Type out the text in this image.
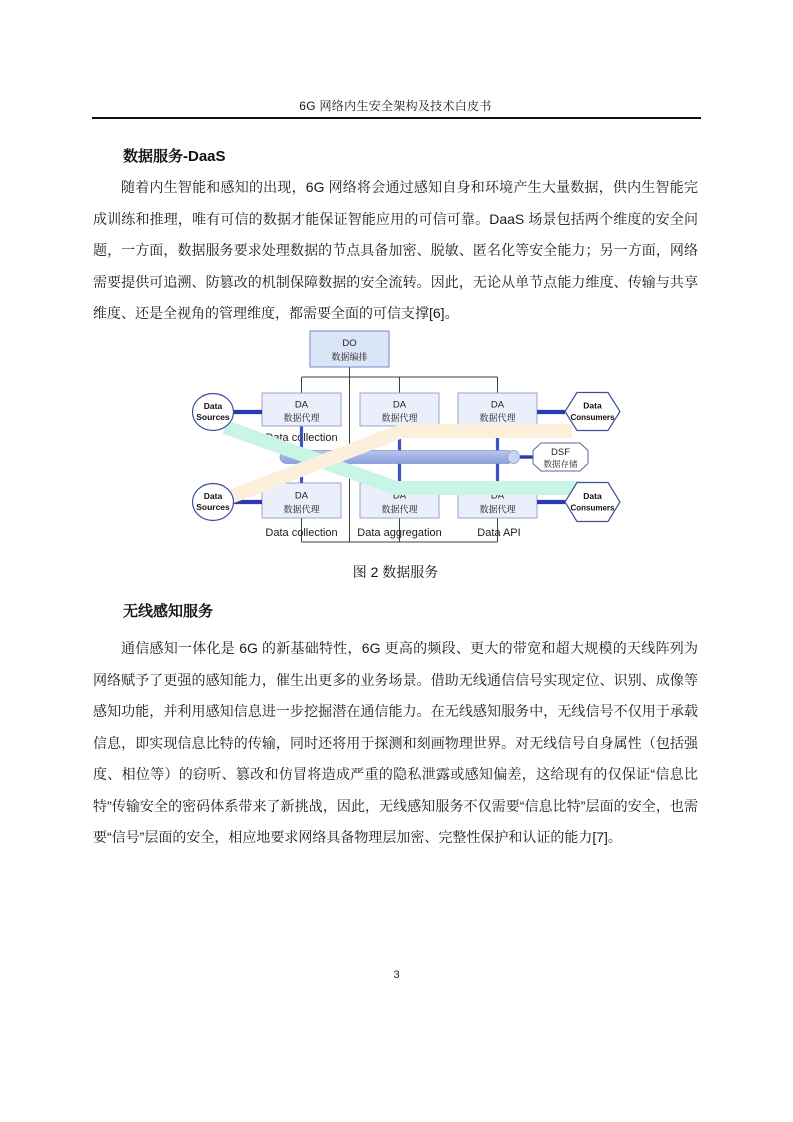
6G 网络内生安全架构及技术白皮书
数据服务-DaaS
随着内生智能和感知的出现，6G 网络将会通过感知自身和环境产生大量数据，供内生智能完成训练和推理，唯有可信的数据才能保证智能应用的可信可靠。DaaS 场景包括两个维度的安全问题，一方面，数据服务要求处理数据的节点具备加密、脱敏、匿名化等安全能力；另一方面，网络需要提供可追溯、防篡改的机制保障数据的安全流转。因此，无论从单节点能力维度、传输与共享维度、还是全视角的管理维度，都需要全面的可信支撑[6]。
DO
数据编排
DA
数据代理
DA
数据代理
DA
数据代理
DA
数据代理
DA
数据代理
DA
数据代理
Data collection
Data collection Data aggregation	Data API
DSF
数据存储
Data
Sources
Data
Sources
Data
Consumers
Data
Consumers
图 2 数据服务
无线感知服务
通信感知一体化是 6G 的新基础特性，6G 更高的频段、更大的带宽和超大规模的天线阵列为网络赋予了更强的感知能力，催生出更多的业务场景。借助无线通信信号实现定位、识别、成像等感知功能，并利用感知信息进一步挖掘潜在通信能力。在无线感知服务中，无线信号不仅用于承载信息，即实现信息比特的传输，同时还将用于探测和刻画物理世界。对无线信号自身属性（包括强度、相位等）的窃听、篡改和仿冒将造成严重的隐私泄露或感知偏差，这给现有的仅保证“信息比特”传输安全的密码体系带来了新挑战，因此，无线感知服务不仅需要“信息比特”层面的安全，也需要“信号”层面的安全，相应地要求网络具备物理层加密、完整性保护和认证的能力[7]。
3
